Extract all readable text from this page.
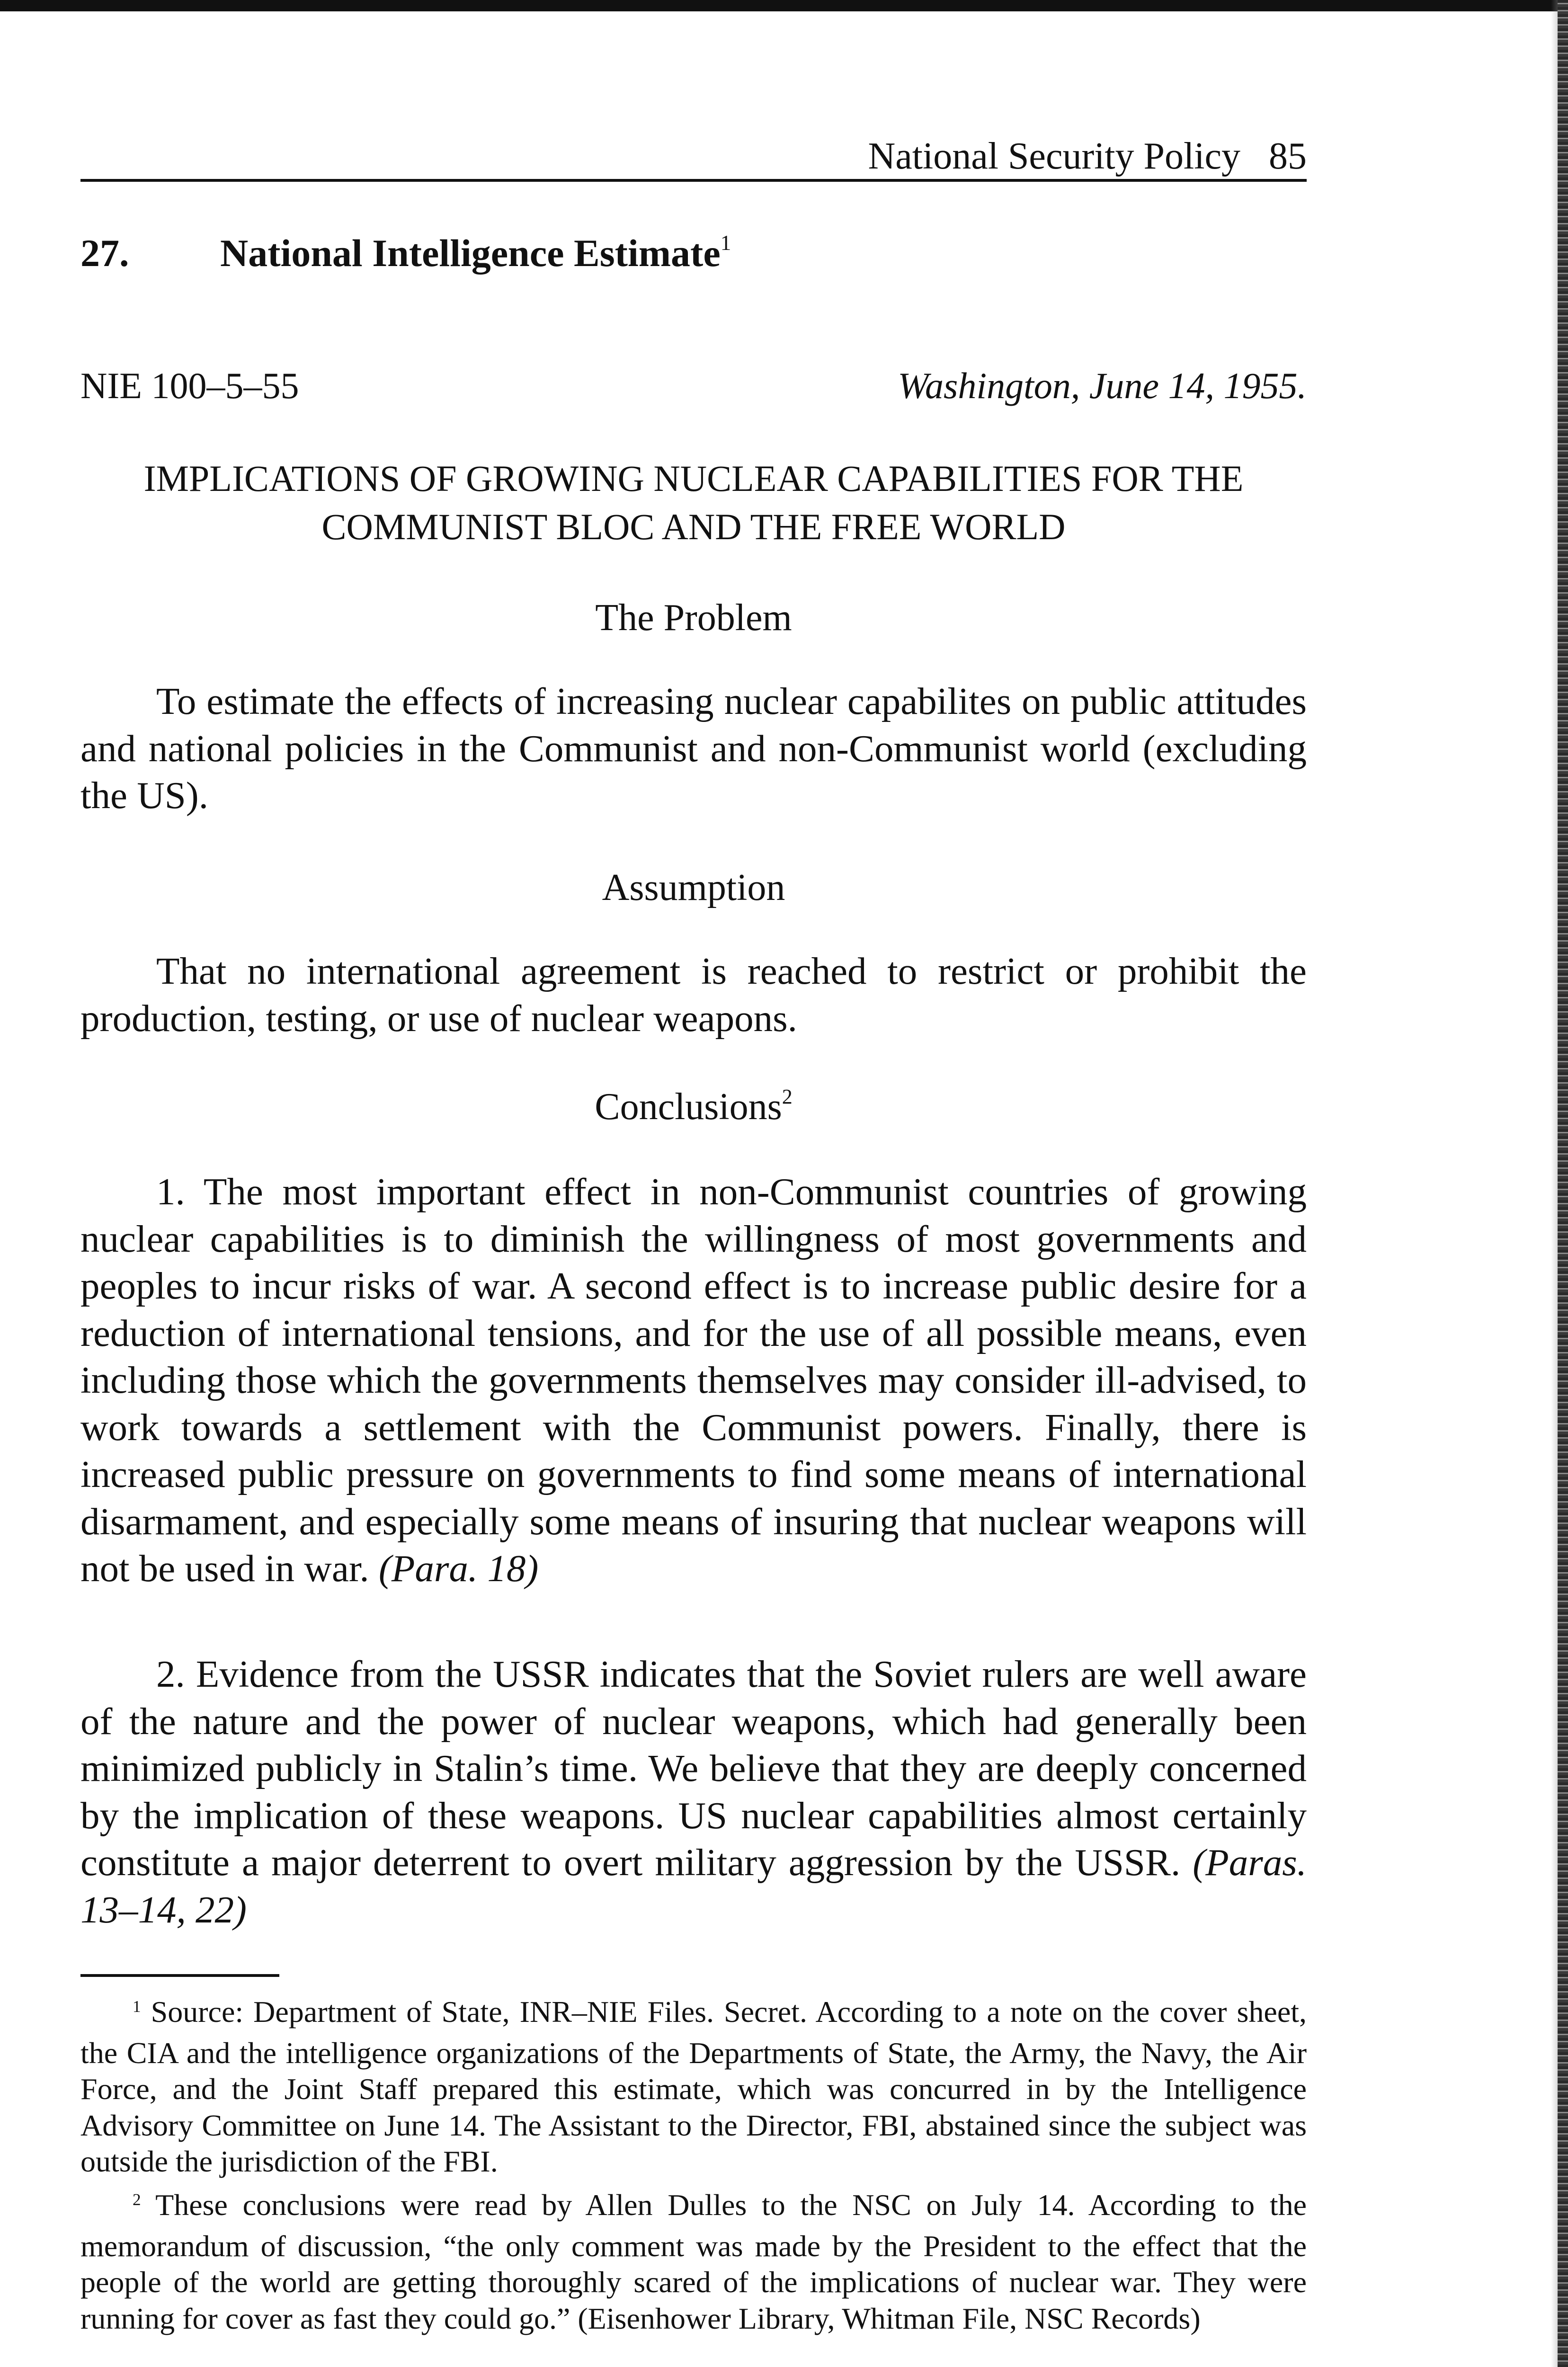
National Security Policy 85
27. National Intelligence Estimate$^1$
NIE 100–5–55	Washington, June 14, 1955.
IMPLICATIONS OF GROWING NUCLEAR CAPABILITIES FOR THE
COMMUNIST BLOC AND THE FREE WORLD
The Problem

To estimate the effects of increasing nuclear capabilites on public attitudes and national policies in the Communist and non-Communist world (excluding the US).

Assumption

That no international agreement is reached to restrict or prohibit the production, testing, or use of nuclear weapons.

Conclusions$^2$

1. The most important effect in non-Communist countries of growing nuclear capabilities is to diminish the willingness of most governments and peoples to incur risks of war. A second effect is to increase public desire for a reduction of international tensions, and for the use of all possible means, even including those which the governments themselves may consider ill-advised, to work towards a settlement with the Communist powers. Finally, there is increased public pressure on governments to find some means of international disarmament, and especially some means of insuring that nuclear weapons will not be used in war. (Para. 18)

2. Evidence from the USSR indicates that the Soviet rulers are well aware of the nature and the power of nuclear weapons, which had generally been minimized publicly in Stalin’s time. We believe that they are deeply concerned by the implication of these weapons. US nuclear capabilities almost certainly constitute a major deterrent to overt military aggression by the USSR. (Paras. 13–14, 22)

$^1$ Source: Department of State, INR–NIE Files. Secret. According to a note on the cover sheet, the CIA and the intelligence organizations of the Departments of State, the Army, the Navy, the Air Force, and the Joint Staff prepared this estimate, which was concurred in by the Intelligence Advisory Committee on June 14. The Assistant to the Director, FBI, abstained since the subject was outside the jurisdiction of the FBI.

$^2$ These conclusions were read by Allen Dulles to the NSC on July 14. According to the memorandum of discussion, “the only comment was made by the President to the effect that the people of the world are getting thoroughly scared of the implications of nuclear war. They were running for cover as fast they could go.” (Eisenhower Library, Whitman File, NSC Records)
